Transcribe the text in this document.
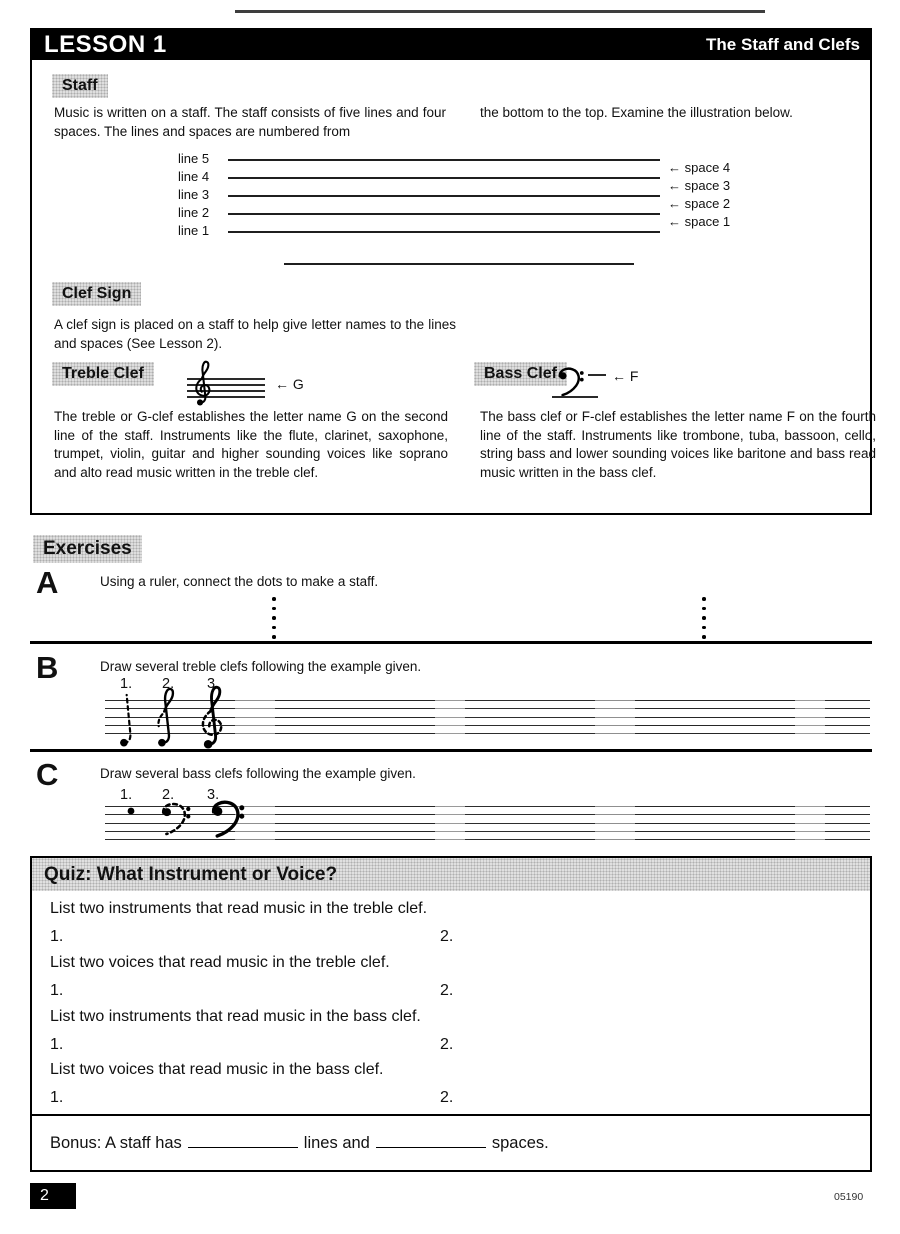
LESSON 1	The Staff and Clefs
Staff
Music is written on a staff. The staff consists of five lines and four spaces. The lines and spaces are numbered from
the bottom to the top. Examine the illustration below.
line 5
line 4
line 3
line 2
line 1
← space 4
← space 3
← space 2
← space 1
Clef Sign
A clef sign is placed on a staff to help give letter names to the lines and spaces (See Lesson 2).
Treble Clef
← G
Bass Clef	← F
The treble or G-clef establishes the letter name G on the second line of the staff. Instruments like the flute, clarinet, saxophone, trumpet, violin, guitar and higher sounding voices like soprano and alto read music written in the treble clef.
The bass clef or F-clef establishes the letter name F on the fourth line of the staff. Instruments like trombone, tuba, bassoon, cello, string bass and lower sounding voices like baritone and bass read music written in the bass clef.
Exercises
A	Using a ruler, connect the dots to make a staff.
B	Draw several treble clefs following the example given.
1. 2. 3.
C	Draw several bass clefs following the example given.
1. 2. 3.
Quiz: What Instrument or Voice?
List two instruments that read music in the treble clef.
1.	2.
List two voices that read music in the treble clef.
1.	2.
List two instruments that read music in the bass clef.
1.	2.
List two voices that read music in the bass clef.
1.	2.
Bonus: A staff has	lines and	spaces.
2	05190
